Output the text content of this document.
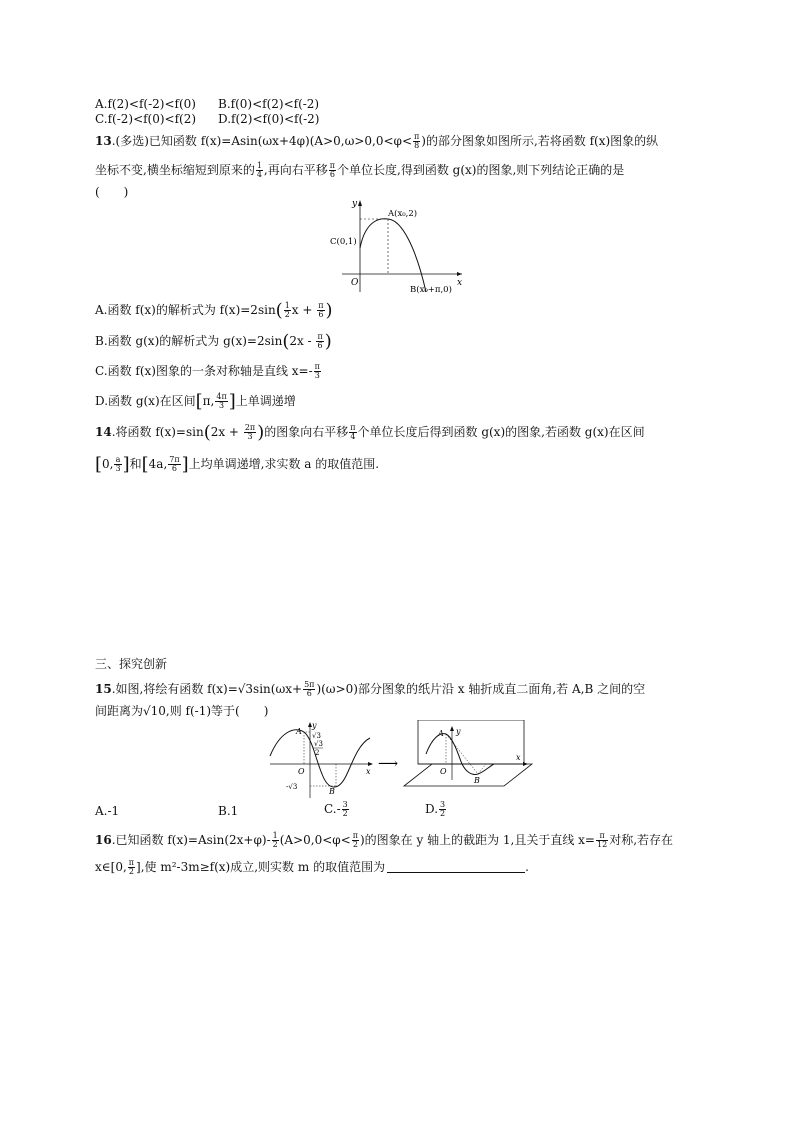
A.f(2)<f(-2)<f(0) B.f(0)<f(2)<f(-2)
C.f(-2)<f(0)<f(2) D.f(2)<f(0)<f(-2)
13.(多选)已知函数 $f(x)=Asin(\omega x+4\varphi)(A>0,\omega>0,0<\varphi< \frac{\pi}{8}$ )的部分图象如图所示,若将函数 f(x)图象的纵
坐标不变,横坐标缩短到原来的 $\frac{1}{4}$ ,再向右平移 $\frac{\pi}{6}$ 个单位长度,得到函数 g(x)的图象,则下列结论正确的是
(　　)
y
x
O
A(x₀,2)
B(x₀+π,0)
C(0,1)
A.函数 f(x)的解析式为 $f(x)=2\sin( \frac{1}{2}$ $x + \frac{\pi}{6}$ )
B.函数 g(x)的解析式为 $g(x)=2\sin(2x - \frac{\pi}{6}$ )
C.函数 f(x)图象的一条对称轴是直线 $x=- \frac{\pi}{3}$
D.函数 g(x)在区间[π, $\frac{4\pi}{3}$ ]上单调递增
14.将函数 $f(x)=\sin(2x + \frac{2\pi}{3}$ )的图象向右平移 $\frac{\pi}{4}$ 个单位长度后得到函数 g(x)的图象,若函数 g(x)在区间
[0, $\frac{a}{3}$ ]和[4a, $\frac{7\pi}{6}$ ]上均单调递增,求实数 a 的取值范围.
三、探究创新
15.如图,将绘有函数 $f(x)=√3\sin(\omega x+ \frac{5\pi}{6} )(\omega>0)$部分图象的纸片沿 x 轴折成直二面角,若 A,B 之间的空
间距离为√10,则 f(-1)等于(　　)
A
B
O	x
y
√3
√3
2
-√3
⟶
A
B
O
x
y
A.-1	B.1	$C.- \frac{3}{2}$	D. $\frac{3}{2}$
16.已知函数 $f(x)=Asin(2x+\varphi)- \frac{1}{2} (A>0,0<\varphi< \frac{\pi}{2}$ )的图象在 y 轴上的截距为 1,且关于直线 $x= \frac{\pi}{12}$ 对称,若存在
x∈[0, $\frac{\pi}{2}$ ],使 m²-3m≥f(x)成立,则实数 m 的取值范围为	.
